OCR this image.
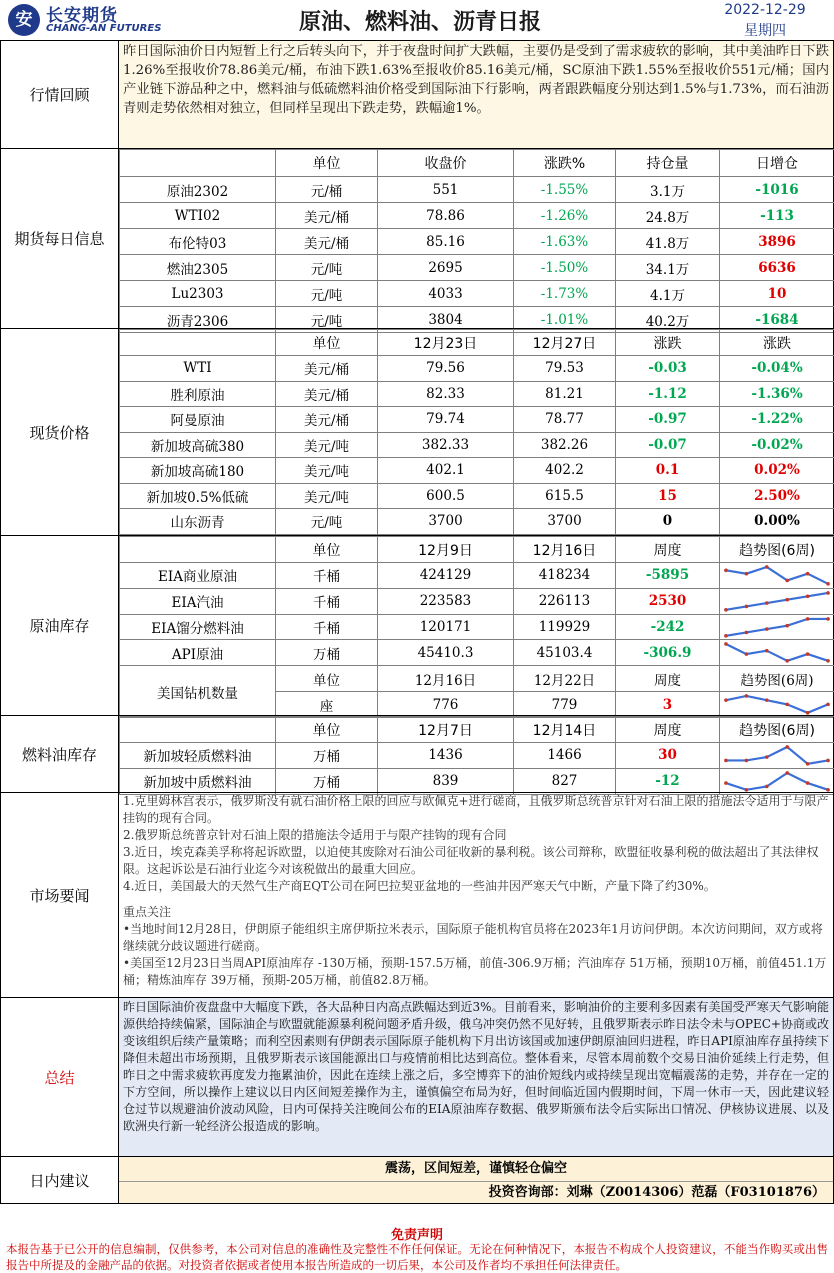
安 长安期货
CHANG-AN FUTURES	原油、燃料油、沥青日报	2022-12-29
星期四
行情回顾
昨日国际油价日内短暂上行之后转头向下，并于夜盘时间扩大跌幅，主要仍是受到了需求疲软的影响，其中美油昨日下跌1.26%至报收价78.86美元/桶，布油下跌1.63%至报收价85.16美元/桶，SC原油下跌1.55%至报收价551元/桶；国内产业链下游品种之中，燃料油与低硫燃料油价格受到国际油下行影响，两者跟跌幅度分别达到1.5%与1.73%，而石油沥青则走势依然相对独立，但同样呈现出下跌走势，跌幅逾1%。
期货每日信息
	单位	收盘价	涨跌%	持仓量	日增仓
原油2302	元/桶	551	-1.55%	3.1万	-1016
WTI02	美元/桶	78.86	-1.26%	24.8万	-113
布伦特03	美元/桶	85.16	-1.63%	41.8万	3896
燃油2305	元/吨	2695	-1.50%	34.1万	6636
Lu2303	元/吨	4033	-1.73%	4.1万	10
沥青2306	元/吨	3804	-1.01%	40.2万	-1684
现货价格
	单位	12月23日	12月27日	涨跌	涨跌
WTI	美元/桶	79.56	79.53	-0.03	-0.04%
胜利原油	美元/桶	82.33	81.21	-1.12	-1.36%
阿曼原油	美元/桶	79.74	78.77	-0.97	-1.22%
新加坡高硫380	美元/吨	382.33	382.26	-0.07	-0.02%
新加坡高硫180	美元/吨	402.1	402.2	0.1	0.02%
新加坡0.5%低硫	美元/吨	600.5	615.5	15	2.50%
山东沥青	元/吨	3700	3700	0	0.00%
原油库存
	单位	12月9日	12月16日	周度	趋势图(6周)
EIA商业原油	千桶	424129	418234	-5895	

EIA汽油	千桶	223583	226113	2530	

EIA馏分燃料油	千桶	120171	119929	-242	

API原油	万桶	45410.3	45103.4	-306.9	

美国钻机数量	单位	12月16日	12月22日	周度	趋势图(6周)
	座	776	779	3	
燃料油库存
	单位	12月7日	12月14日	周度	趋势图(6周)
新加坡轻质燃料油	万桶	1436	1466	30	

新加坡中质燃料油	万桶	839	827	-12	
市场要闻

1.克里姆林宫表示，俄罗斯没有就石油价格上限的回应与欧佩克+进行磋商，且俄罗斯总统普京针对石油上限的措施法令适用于与限产挂钩的现有合同。

2.俄罗斯总统普京针对石油上限的措施法令适用于与限产挂钩的现有合同

3.近日，埃克森美孚称将起诉欧盟，以迫使其废除对石油公司征收新的暴利税。该公司辩称，欧盟征收暴利税的做法超出了其法律权限。这起诉讼是石油行业迄今对该税做出的最重大回应。

4.近日，美国最大的天然气生产商EQT公司在阿巴拉契亚盆地的一些油井因严寒天气中断，产量下降了约30%。

重点关注

•当地时间12月28日，伊朗原子能组织主席伊斯拉米表示，国际原子能机构官员将在2023年1月访问伊朗。本次访问期间，双方或将继续就分歧议题进行磋商。

•美国至12月23日当周API原油库存 -130万桶，预期-157.5万桶，前值-306.9万桶；汽油库存 51万桶，预期10万桶，前值451.1万桶；精炼油库存 39万桶，预期-205万桶，前值82.8万桶。

总结
昨日国际油价夜盘盘中大幅度下跌，各大品种日内高点跌幅达到近3%。目前看来，影响油价的主要利多因素有美国受严寒天气影响能源供给持续偏紧，国际油企与欧盟就能源暴利税问题矛盾升级，俄乌冲突仍然不见好转，且俄罗斯表示昨日法令未与OPEC+协商或改变该组织后续产量策略；而利空因素则有伊朗表示国际原子能机构下月出访该国或加速伊朗原油回归进程，昨日API原油库存虽持续下降但未超出市场预期，且俄罗斯表示该国能源出口与疫情前相比达到高位。整体看来，尽管本周前数个交易日油价延续上行走势，但昨日之中需求疲软再度发力拖累油价，因此在连续上涨之后，多空博弈下的油价短线内或持续呈现出宽幅震荡的走势，并存在一定的下方空间，所以操作上建议以日内区间短差操作为主，谨慎偏空布局为好，但时间临近国内假期时间，下周一休市一天，因此建议轻仓过节以规避油价波动风险，日内可保持关注晚间公布的EIA原油库存数据、俄罗斯颁布法令后实际出口情况、伊核协议进展、以及欧洲央行新一轮经济公报造成的影响。
日内建议
震荡，区间短差，谨慎轻仓偏空
投资咨询部：刘琳（Z0014306）范磊（F03101876）
免责声明
本报告基于已公开的信息编制，仅供参考，本公司对信息的准确性及完整性不作任何保证。无论在何种情况下，本报告不构成个人投资建议，不能当作购买或出售报告中所提及的金融产品的依据。对投资者依据或者使用本报告所造成的一切后果，本公司及作者均不承担任何法律责任。
